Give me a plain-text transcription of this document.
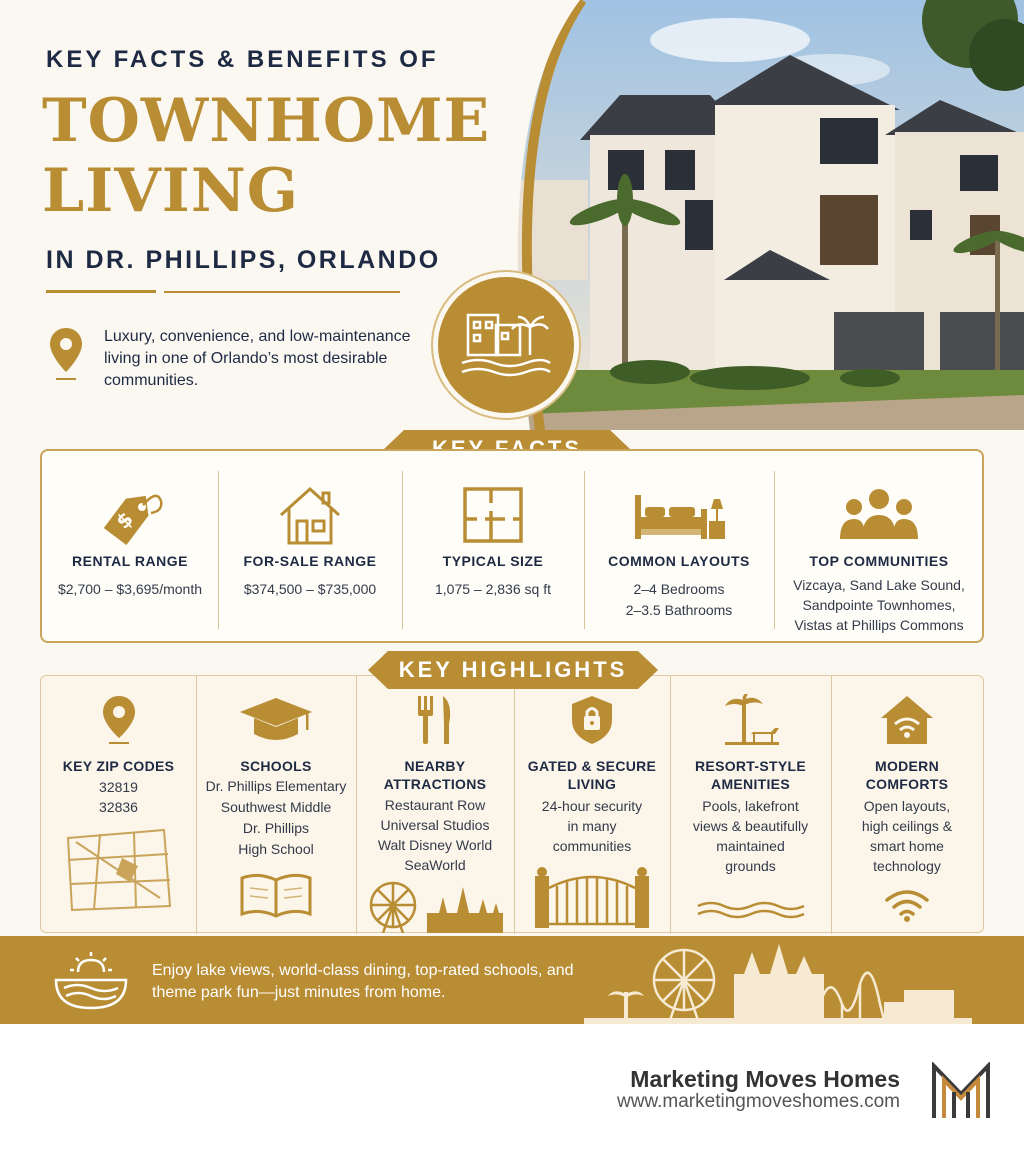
KEY FACTS & BENEFITS OF
TOWNHOME
LIVING
IN DR. PHILLIPS, ORLANDO
Luxury, convenience, and low-maintenance living in one of Orlando’s most desirable communities.
$
RENTAL RANGE
$2,700 – $3,695/month
FOR-SALE RANGE
$374,500 – $735,000
TYPICAL SIZE
1,075 – 2,836 sq ft
COMMON LAYOUTS
2–4 Bedrooms
2–3.5 Bathrooms
TOP COMMUNITIES
Vizcaya, Sand Lake Sound,
Sandpointe Townhomes,
Vistas at Phillips Commons
KEY ZIP CODES
32819
32836
SCHOOLS
Dr. Phillips Elementary
Southwest Middle
Dr. Phillips
High School
NEARBY
ATTRACTIONS
Restaurant Row
Universal Studios
Walt Disney World
SeaWorld
GATED & SECURE
LIVING
24-hour security
in many
communities
RESORT-STYLE
AMENITIES
Pools, lakefront
views & beautifully
maintained
grounds
MODERN
COMFORTS
Open layouts,
high ceilings &
smart home
technology
KEY HIGHLIGHTS
Enjoy lake views, world-class dining, top-rated schools, and theme park fun—just minutes from home.
Marketing Moves Homes
www.marketingmoveshomes.com
